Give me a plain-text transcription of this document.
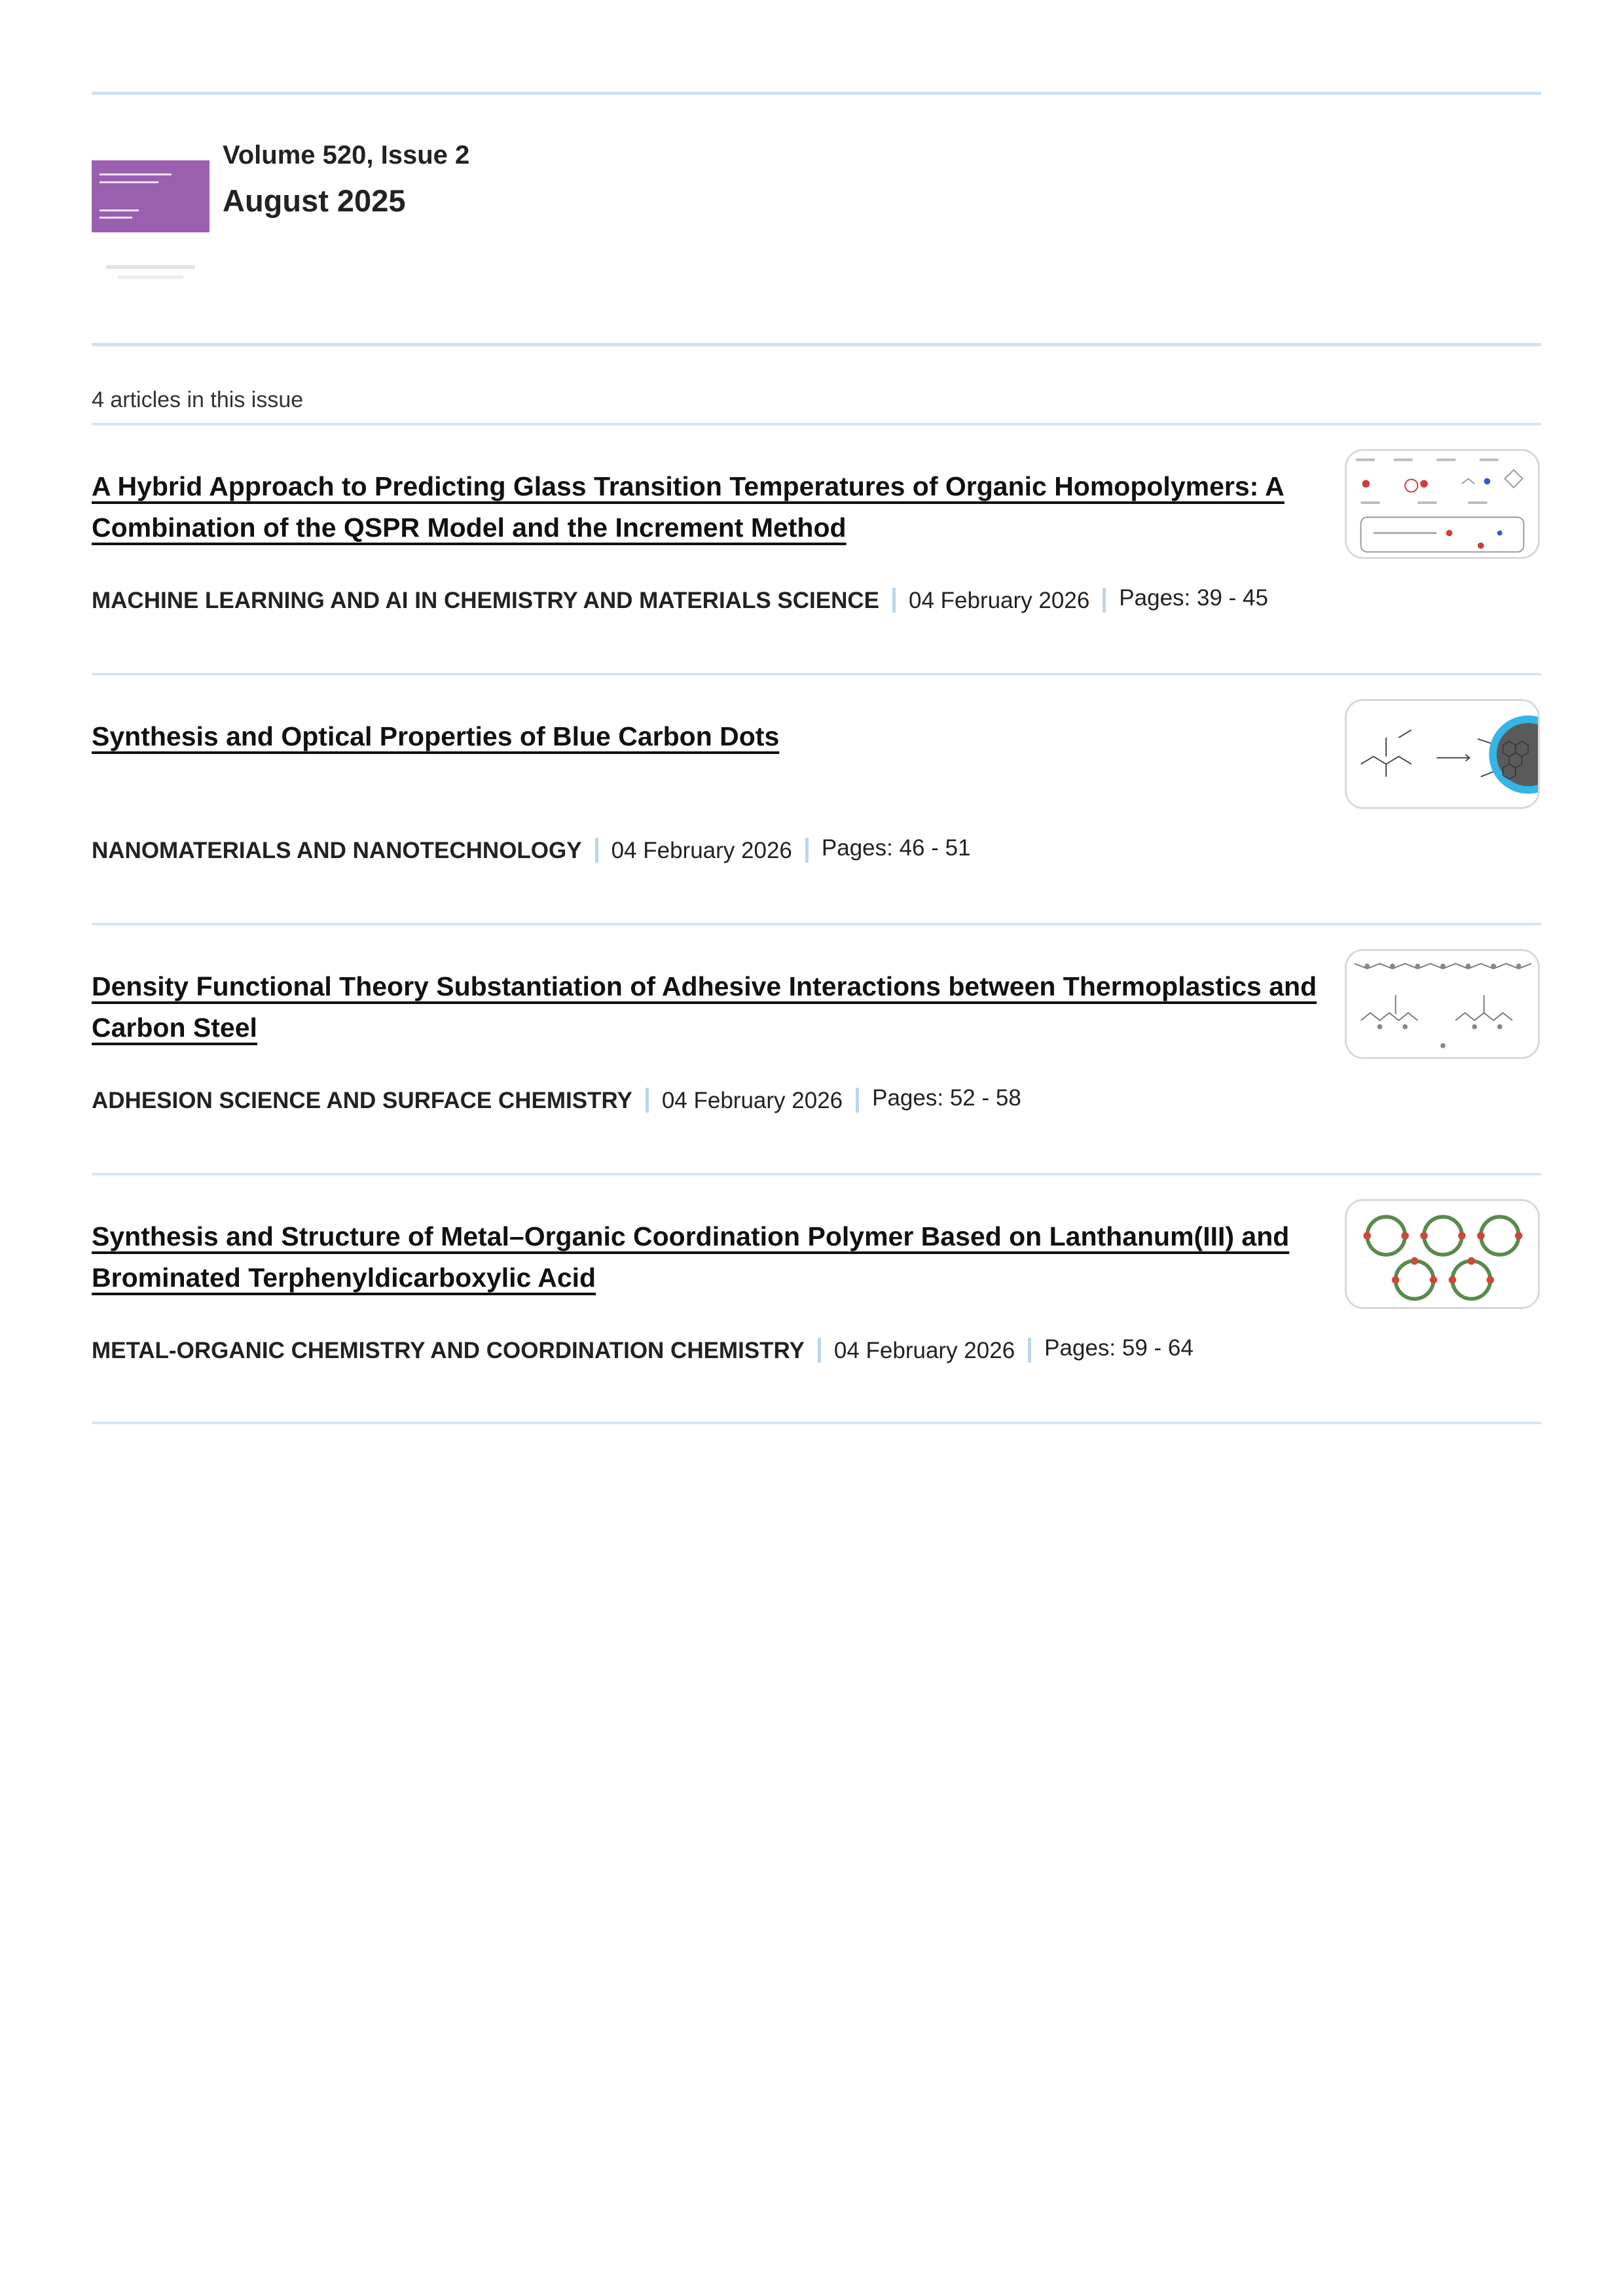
Volume 520, Issue 2
August 2025
4 articles in this issue
A Hybrid Approach to Predicting Glass Transition Temperatures of Organic Homopolymers: A Combination of the QSPR Model and the Increment Method
MACHINE LEARNING AND AI IN CHEMISTRY AND MATERIALS SCIENCE 04 February 2026 Pages: 39 - 45
Synthesis and Optical Properties of Blue Carbon Dots
NANOMATERIALS AND NANOTECHNOLOGY 04 February 2026 Pages: 46 - 51
Density Functional Theory Substantiation of Adhesive Interactions between Thermoplastics and Carbon Steel
ADHESION SCIENCE AND SURFACE CHEMISTRY 04 February 2026 Pages: 52 - 58
Synthesis and Structure of Metal–Organic Coordination Polymer Based on Lanthanum(III) and Brominated Terphenyldicarboxylic Acid
METAL-ORGANIC CHEMISTRY AND COORDINATION CHEMISTRY 04 February 2026 Pages: 59 - 64
